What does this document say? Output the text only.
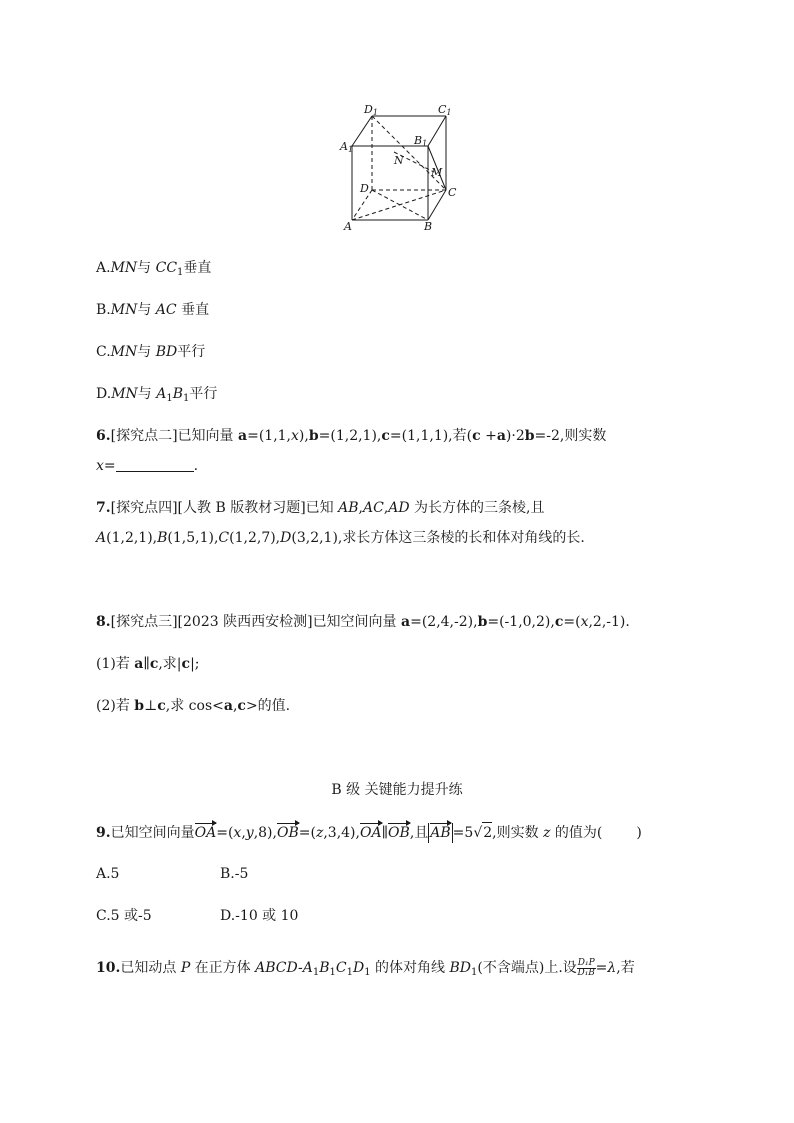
D1	C1
A1
B1
N
M
D	C
A	B
A.MN与 $CC_1$垂直
B.MN与 AC 垂直
C.MN与 BD平行
D.MN与 $A_1B_1$平行
6.[探究点二]已知向量 a=(1,1,x),b=(1,2,1),c=(1,1,1),若(c +a)·2b=-2,则实数
x=	.
7.[探究点四][人教 B 版教材习题]已知 AB,AC,AD 为长方体的三条棱,且
A(1,2,1),B(1,5,1),C(1,2,7),D(3,2,1),求长方体这三条棱的长和体对角线的长.
8.[探究点三][2023 陕西西安检测]已知空间向量 a=(2,4,-2),b=(-1,0,2),c=(x,2,-1).
(1)若 a∥c,求|c|;
(2)若 b⊥c,求 cos<a,c>的值.
B 级 关键能力提升练
9.已知空间向量OA=(x,y,8),OB=(z,3,4),OA∥OB,且 AB =5√2,则实数 z 的值为( )
A.5	B.-5
C.5 或-5	D.-10 或 10
10.已知动点 P 在正方体 ABCD-$A_1B_1C_1D_1$ 的体对角线 $BD_1$(不含端点)上.设 $\frac{\text{D₁P}}{\text{D₁B}} =\lambda$,若
